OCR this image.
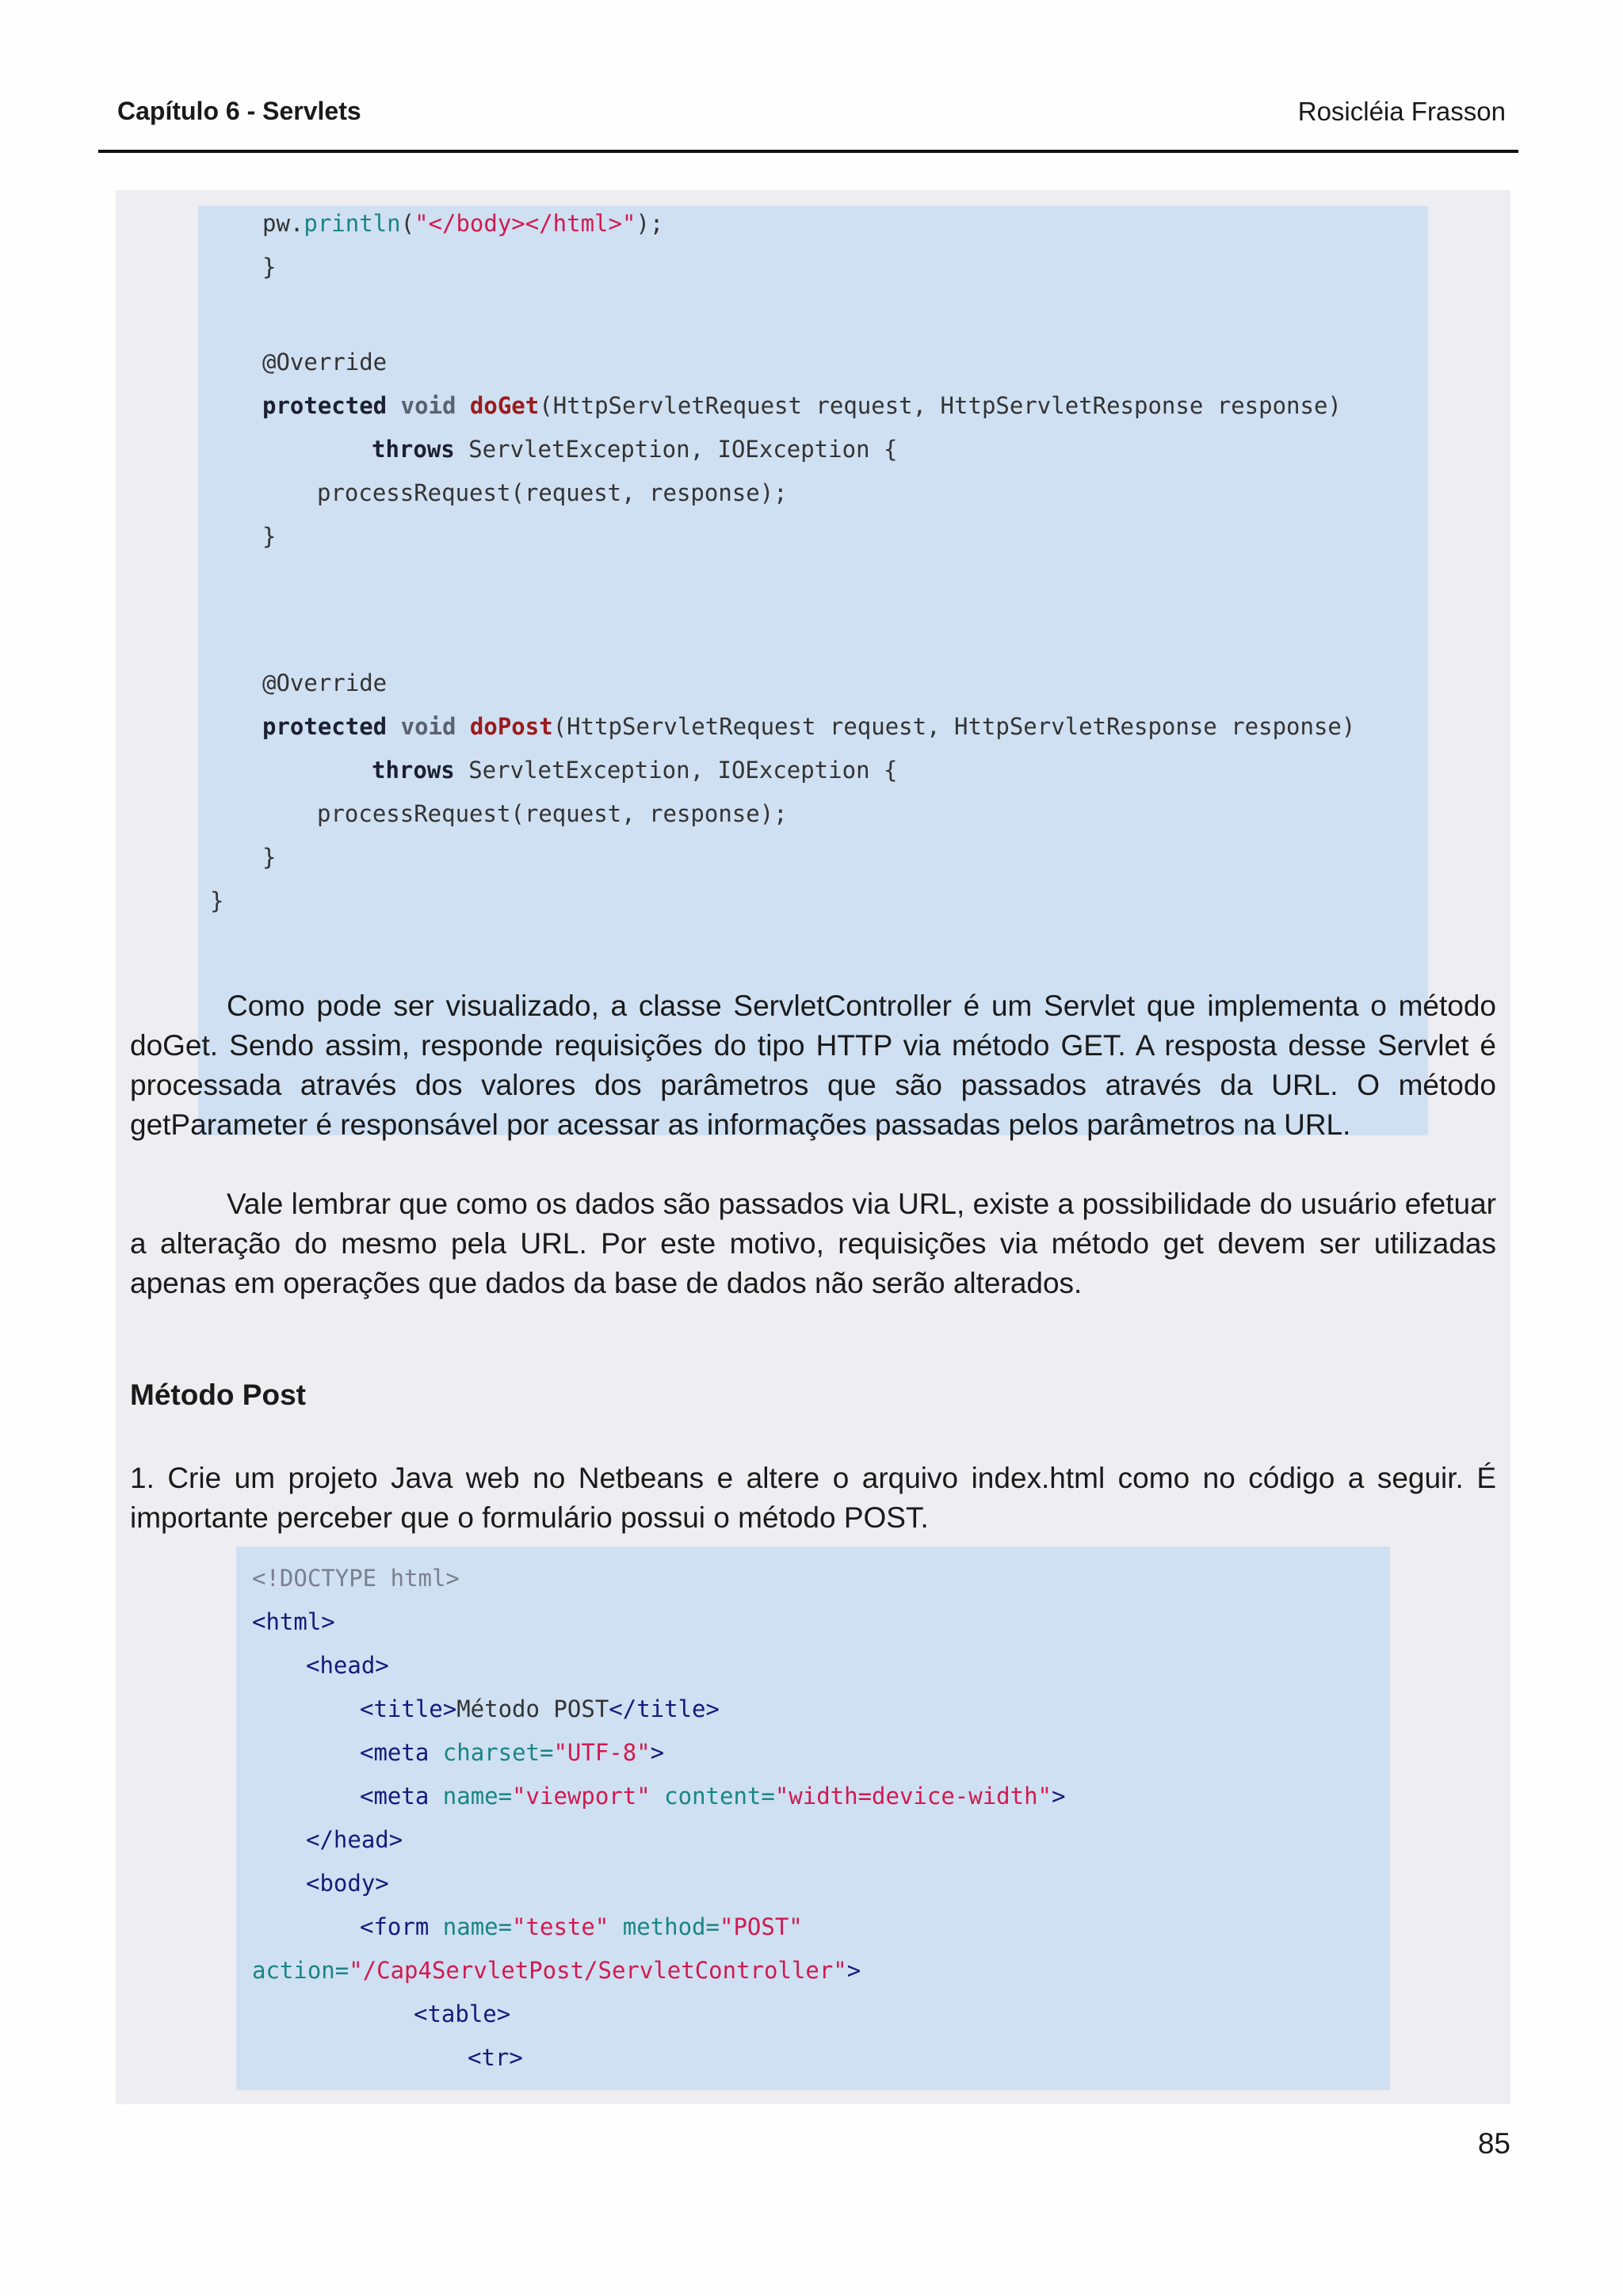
Capítulo 6 - Servlets	Rosicléia Frasson
pw.println("</body></html>");
}
@Override
protected void doGet(HttpServletRequest request, HttpServletResponse response)
throws ServletException, IOException {
processRequest(request, response);
}
@Override
protected void doPost(HttpServletRequest request, HttpServletResponse response)
throws ServletException, IOException {
processRequest(request, response);
}
}

Como pode ser visualizado, a classe ServletController é um Servlet que implementa o método doGet. Sendo assim, responde requisições do tipo HTTP via método GET. A resposta desse Servlet é processada através dos valores dos parâmetros que são passados através da URL. O método getParameter é responsável por acessar as informações passadas pelos parâmetros na URL.

Vale lembrar que como os dados são passados via URL, existe a possibilidade do usuário efetuar a alteração do mesmo pela URL. Por este motivo, requisições via método get devem ser utilizadas apenas em operações que dados da base de dados não serão alterados.

Método Post
1. Crie um projeto Java web no Netbeans e altere o arquivo index.html como no código a seguir. É importante perceber que o formulário possui o método POST.
<!DOCTYPE html>
<html>
<head>
<title>Método POST</title>
<meta charset="UTF-8">
<meta name="viewport" content="width=device-width">
</head>
<body>
<form name="teste" method="POST"
action="/Cap4ServletPost/ServletController">
<table>
<tr>
85
